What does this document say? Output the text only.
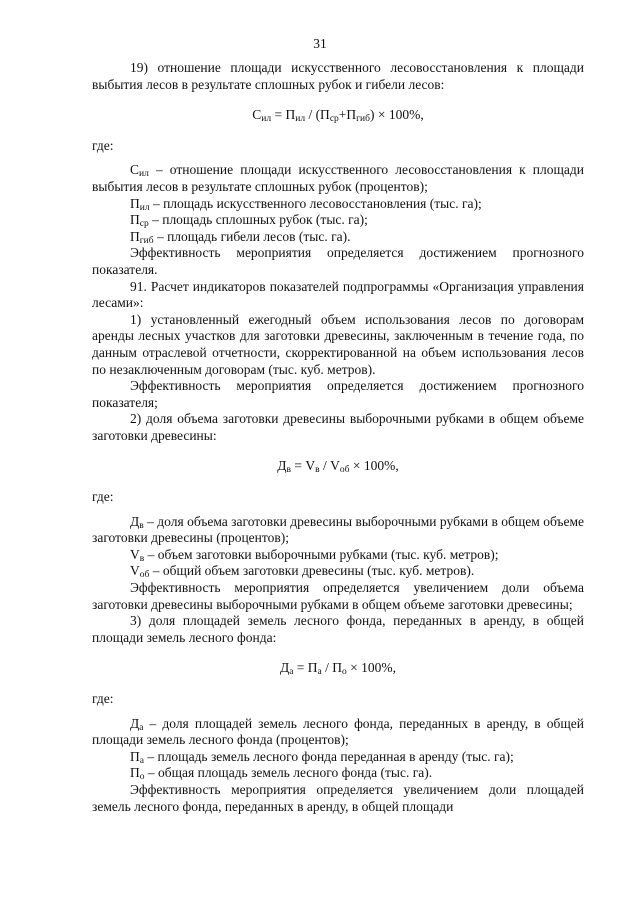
31

19) отношение площади искусственного лесовосстановления к площади выбытия лесов в результате сплошных рубок и гибели лесов:

$С_{ил} = П_{ил} / (П_{ср}+П_{гиб}) \times 100\%$,

где:

$С_{ил}$ – отношение площади искусственного лесовосстановления к площади выбытия лесов в результате сплошных рубок (процентов);

$П_{ил}$ – площадь искусственного лесовосстановления (тыс. га);

$П_{ср}$ – площадь сплошных рубок (тыс. га);

$П_{гиб}$ – площадь гибели лесов (тыс. га).

Эффективность мероприятия определяется достижением прогнозного показателя.

91. Расчет индикаторов показателей подпрограммы «Организация управления лесами»:

1) установленный ежегодный объем использования лесов по договорам аренды лесных участков для заготовки древесины, заключенным в течение года, по данным отраслевой отчетности, скорректированной на объем использования лесов по незаключенным договорам (тыс. куб. метров).

Эффективность мероприятия определяется достижением прогнозного показателя;

2) доля объема заготовки древесины выборочными рубками в общем объеме заготовки древесины:

$Д_в = V_в / V_{об} \times 100\%$,

где:

$Д_в$ – доля объема заготовки древесины выборочными рубками в общем объеме заготовки древесины (процентов);

$V_в$ – объем заготовки выборочными рубками (тыс. куб. метров);

$V_{об}$ – общий объем заготовки древесины (тыс. куб. метров).

Эффективность мероприятия определяется увеличением доли объема заготовки древесины выборочными рубками в общем объеме заготовки древесины;

3) доля площадей земель лесного фонда, переданных в аренду, в общей площади земель лесного фонда:

$Д_а = П_а / П_о \times 100\%$,

где:

$Д_а$ – доля площадей земель лесного фонда, переданных в аренду, в общей площади земель лесного фонда (процентов);

$П_а$ – площадь земель лесного фонда переданная в аренду (тыс. га);

$П_о$ – общая площадь земель лесного фонда (тыс. га).

Эффективность мероприятия определяется увеличением доли площадей земель лесного фонда, переданных в аренду, в общей площади
